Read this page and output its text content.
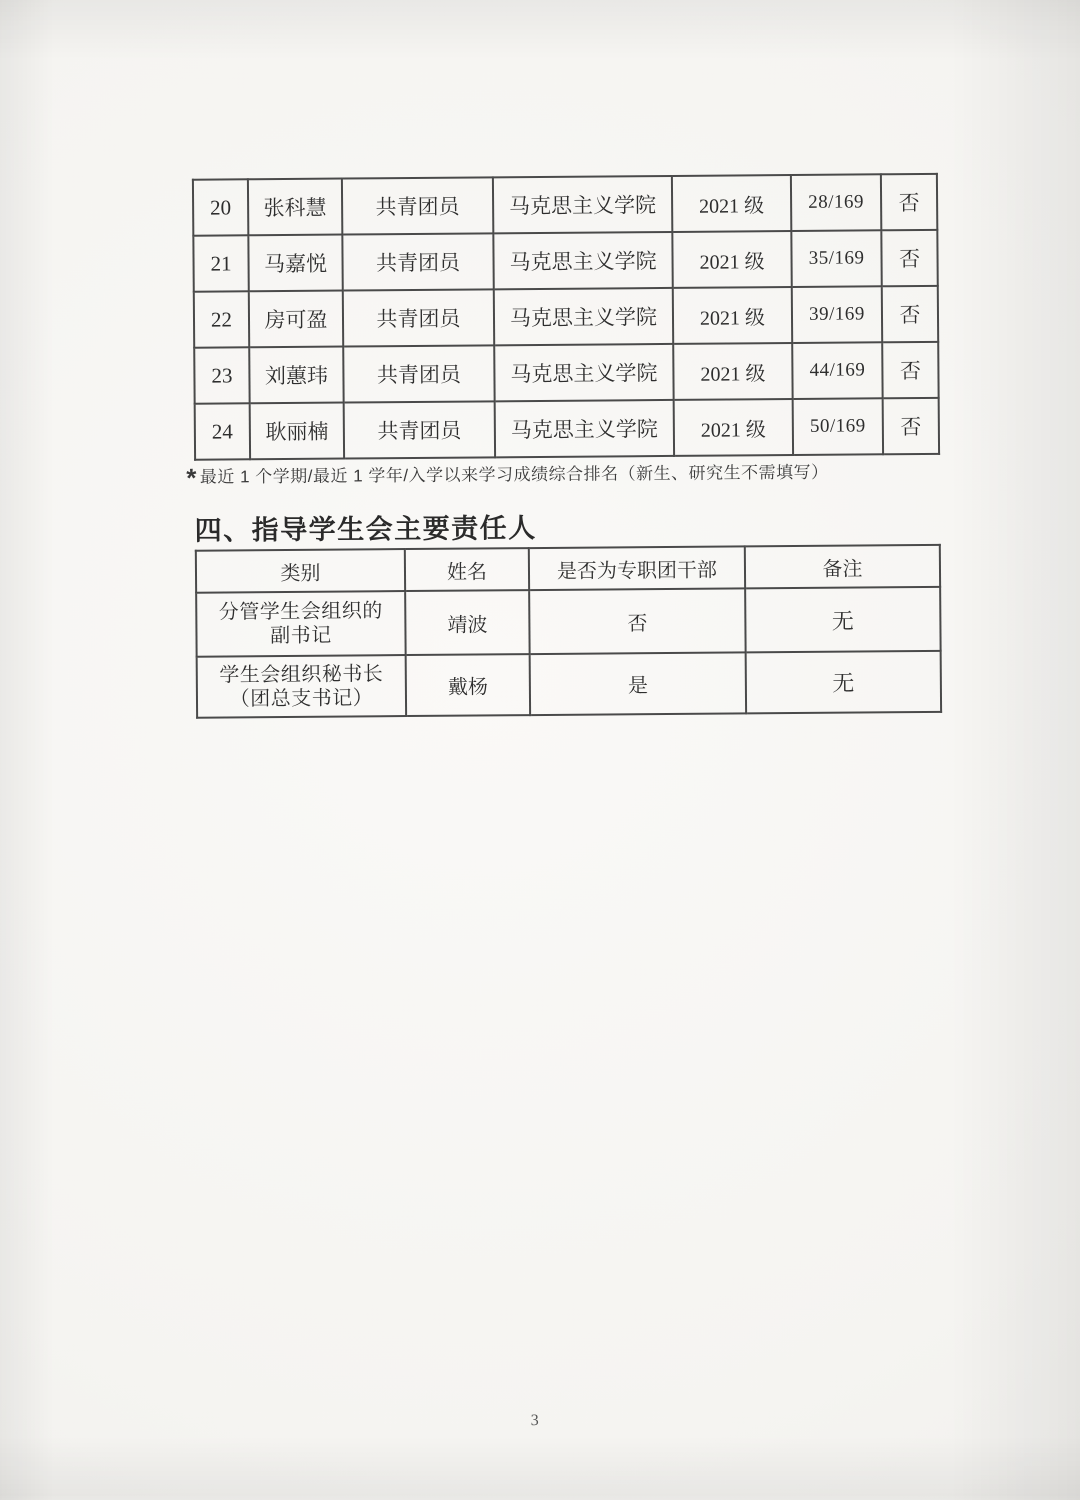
20	张科慧	共青团员	马克思主义学院	2021 级	28/169	否
21	马嘉悦	共青团员	马克思主义学院	2021 级	35/169	否
22	房可盈	共青团员	马克思主义学院	2021 级	39/169	否
23	刘蕙玮	共青团员	马克思主义学院	2021 级	44/169	否
24	耿丽楠	共青团员	马克思主义学院	2021 级	50/169	否
* 最近 1 个学期/最近 1 学年/入学以来学习成绩综合排名（新生、研究生不需填写）
四、指导学生会主要责任人
类别	姓名	是否为专职团干部	备注

分管学生会组织的
副书记	靖波	否	无

学生会组织秘书长
（团总支书记）	戴杨	是	无
3
